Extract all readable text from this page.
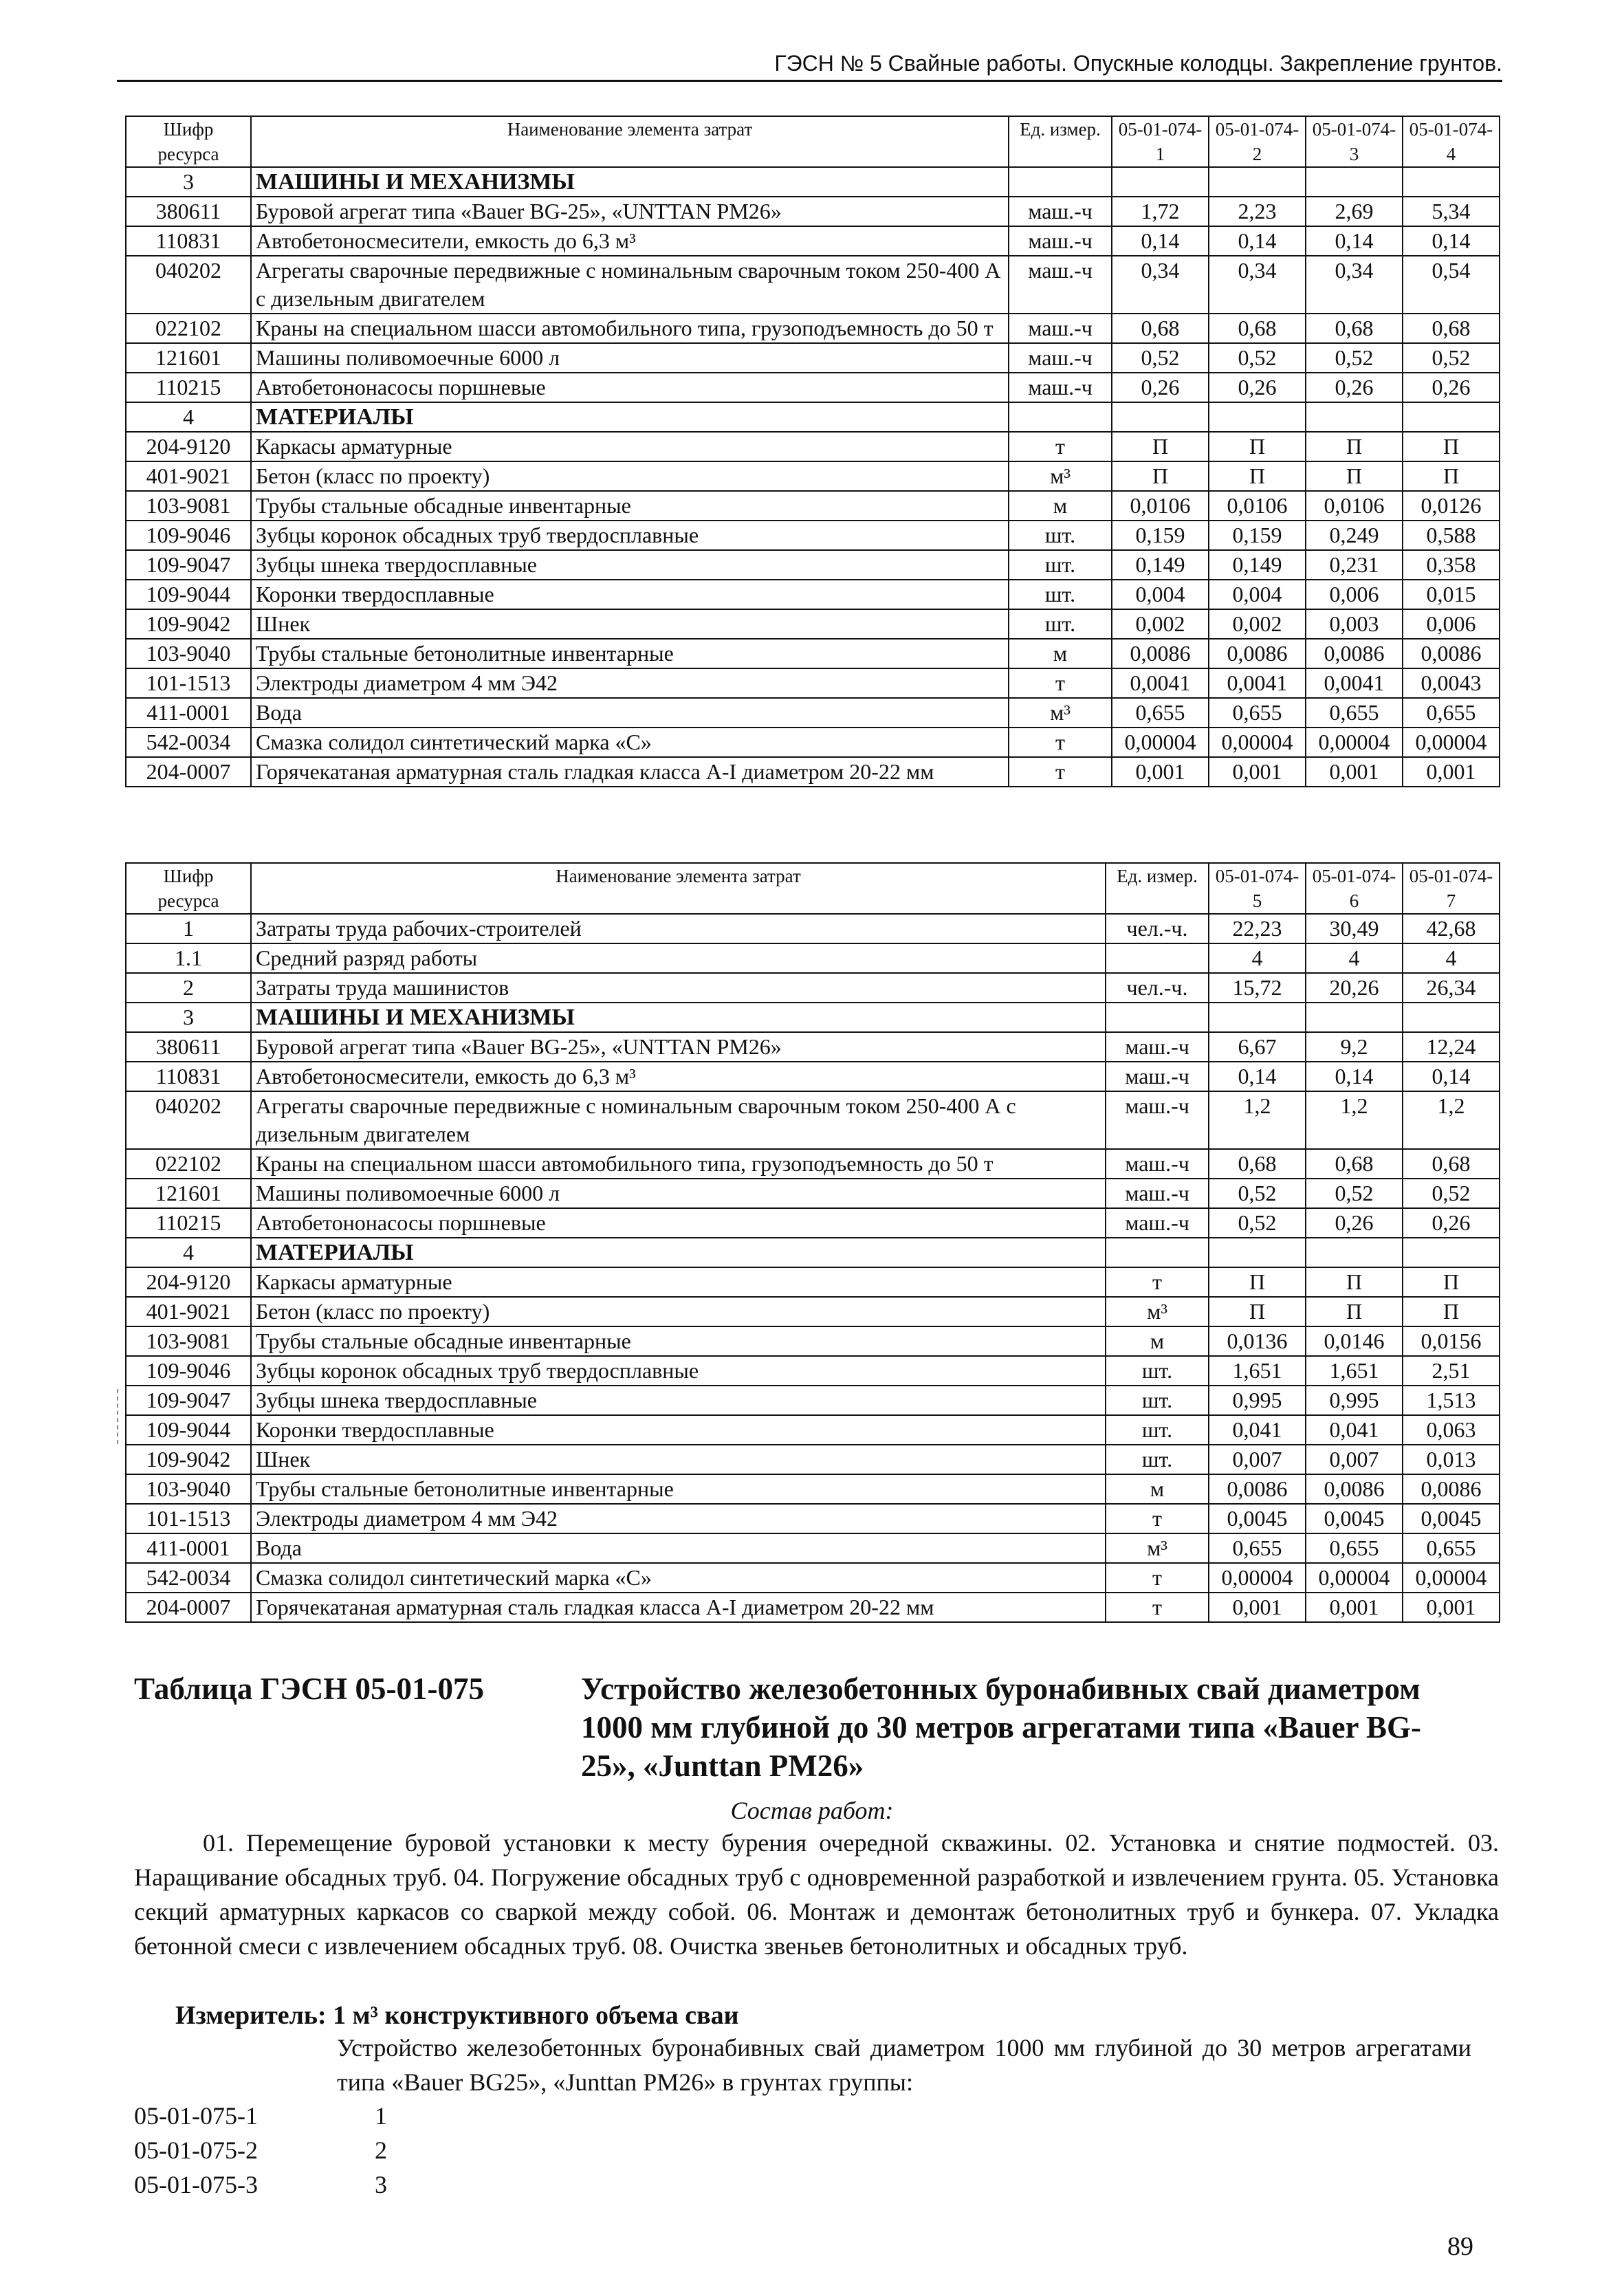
ГЭСН № 5 Свайные работы. Опускные колодцы. Закрепление грунтов.
Шифр ресурса	Наименование элемента затрат	Ед. измер.	05-01-074-1	05-01-074-2	05-01-074-3	05-01-074-4
3	МАШИНЫ И МЕХАНИЗМЫ					
380611	Буровой агрегат типа «Bauer BG-25», «UNTTAN PM26»	маш.-ч	1,72	2,23	2,69	5,34
110831	Автобетоносмесители, емкость до 6,3 м³	маш.-ч	0,14	0,14	0,14	0,14
040202	Агрегаты сварочные передвижные с номинальным сварочным током 250-400 А с дизельным двигателем	маш.-ч	0,34	0,34	0,34	0,54
022102	Краны на специальном шасси автомобильного типа, грузоподъемность до 50 т	маш.-ч	0,68	0,68	0,68	0,68
121601	Машины поливомоечные 6000 л	маш.-ч	0,52	0,52	0,52	0,52
110215	Автобетононасосы поршневые	маш.-ч	0,26	0,26	0,26	0,26
4	МАТЕРИАЛЫ					
204-9120	Каркасы арматурные	т	П	П	П	П
401-9021	Бетон (класс по проекту)	м³	П	П	П	П
103-9081	Трубы стальные обсадные инвентарные	м	0,0106	0,0106	0,0106	0,0126
109-9046	Зубцы коронок обсадных труб твердосплавные	шт.	0,159	0,159	0,249	0,588
109-9047	Зубцы шнека твердосплавные	шт.	0,149	0,149	0,231	0,358
109-9044	Коронки твердосплавные	шт.	0,004	0,004	0,006	0,015
109-9042	Шнек	шт.	0,002	0,002	0,003	0,006
103-9040	Трубы стальные бетонолитные инвентарные	м	0,0086	0,0086	0,0086	0,0086
101-1513	Электроды диаметром 4 мм Э42	т	0,0041	0,0041	0,0041	0,0043
411-0001	Вода	м³	0,655	0,655	0,655	0,655
542-0034	Смазка солидол синтетический марка «С»	т	0,00004	0,00004	0,00004	0,00004
204-0007	Горячекатаная арматурная сталь гладкая класса А-I диаметром 20-22 мм	т	0,001	0,001	0,001	0,001
Шифр ресурса	Наименование элемента затрат	Ед. измер.	05-01-074-5	05-01-074-6	05-01-074-7
1	Затраты труда рабочих-строителей	чел.-ч.	22,23	30,49	42,68
1.1	Средний разряд работы		4	4	4
2	Затраты труда машинистов	чел.-ч.	15,72	20,26	26,34
3	МАШИНЫ И МЕХАНИЗМЫ				
380611	Буровой агрегат типа «Bauer BG-25», «UNTTAN PM26»	маш.-ч	6,67	9,2	12,24
110831	Автобетоносмесители, емкость до 6,3 м³	маш.-ч	0,14	0,14	0,14
040202	Агрегаты сварочные передвижные с номинальным сварочным током 250-400 А с дизельным двигателем	маш.-ч	1,2	1,2	1,2
022102	Краны на специальном шасси автомобильного типа, грузоподъемность до 50 т	маш.-ч	0,68	0,68	0,68
121601	Машины поливомоечные 6000 л	маш.-ч	0,52	0,52	0,52
110215	Автобетононасосы поршневые	маш.-ч	0,52	0,26	0,26
4	МАТЕРИАЛЫ				
204-9120	Каркасы арматурные	т	П	П	П
401-9021	Бетон (класс по проекту)	м³	П	П	П
103-9081	Трубы стальные обсадные инвентарные	м	0,0136	0,0146	0,0156
109-9046	Зубцы коронок обсадных труб твердосплавные	шт.	1,651	1,651	2,51
109-9047	Зубцы шнека твердосплавные	шт.	0,995	0,995	1,513
109-9044	Коронки твердосплавные	шт.	0,041	0,041	0,063
109-9042	Шнек	шт.	0,007	0,007	0,013
103-9040	Трубы стальные бетонолитные инвентарные	м	0,0086	0,0086	0,0086
101-1513	Электроды диаметром 4 мм Э42	т	0,0045	0,0045	0,0045
411-0001	Вода	м³	0,655	0,655	0,655
542-0034	Смазка солидол синтетический марка «С»	т	0,00004	0,00004	0,00004
204-0007	Горячекатаная арматурная сталь гладкая класса А-I диаметром 20-22 мм	т	0,001	0,001	0,001
Таблица ГЭСН 05-01-075	Устройство железобетонных буронабивных свай диаметром 1000 мм глубиной до 30 метров агрегатами типа «Bauer BG-25», «Junttan PM26»
Состав работ:
01. Перемещение буровой установки к месту бурения очередной скважины. 02. Установка и снятие подмостей. 03. Наращивание обсадных труб. 04. Погружение обсадных труб с одновременной разработкой и извлечением грунта. 05. Установка секций арматурных каркасов со сваркой между собой. 06. Монтаж и демонтаж бетонолитных труб и бункера. 07. Укладка бетонной смеси с извлечением обсадных труб. 08. Очистка звеньев бетонолитных и обсадных труб.
Измеритель: 1 м³ конструктивного объема сваи
Устройство железобетонных буронабивных свай диаметром 1000 мм глубиной до 30 метров агрегатами типа «Bauer BG25», «Junttan PM26» в грунтах группы:
05-01-075-1	1
05-01-075-2	2
05-01-075-3	3
89
